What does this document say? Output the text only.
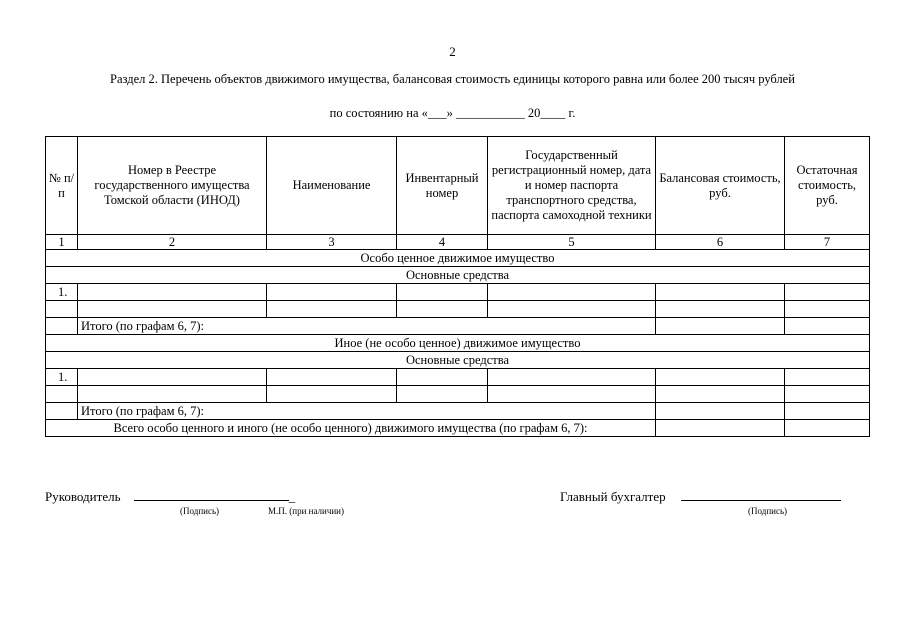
2
Раздел 2. Перечень объектов движимого имущества, балансовая стоимость единицы которого равна или более 200 тысяч рублей
по состоянию на «___» ___________ 20____ г.
№ п/п	Номер в Реестре государственного имущества Томской области (ИНОД)	Наименование	Инвентарный номер	Государственный регистрационный номер, дата и номер паспорта транспортного средства, паспорта самоходной техники	Балансовая стоимость, руб.	Остаточная стоимость, руб.
1	2	3	4	5	6	7
Особо ценное движимое имущество						
Основные средства						
1.						

	Итого (по графам 6, 7):					
Иное (не особо ценное) движимое имущество						
Основные средства						
1.						

	Итого (по графам 6, 7):					
Всего особо ценного и иного (не особо ценного) движимого имущества (по графам 6, 7):						
Руководитель	_
(Подпись)	М.П. (при наличии)
Главный бухгалтер
(Подпись)
